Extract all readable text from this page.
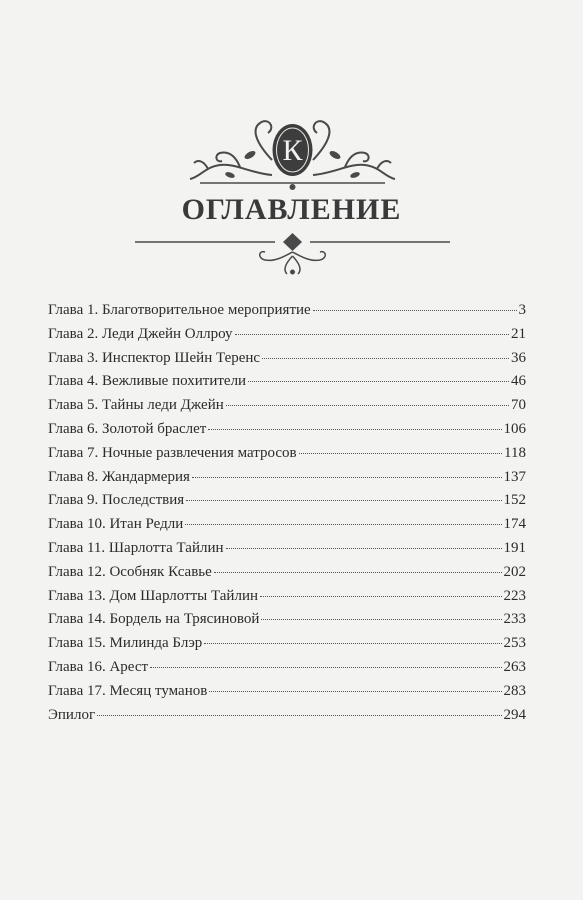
К
ОГЛАВЛЕНИЕ
Глава 1. Благотворительное мероприятие	3
Глава 2. Леди Джейн Оллроу	21
Глава 3. Инспектор Шейн Теренс	36
Глава 4. Вежливые похитители	46
Глава 5. Тайны леди Джейн	70
Глава 6. Золотой браслет	106
Глава 7. Ночные развлечения матросов	118
Глава 8. Жандармерия	137
Глава 9. Последствия	152
Глава 10. Итан Редли	174
Глава 11. Шарлотта Тайлин	191
Глава 12. Особняк Ксавье	202
Глава 13. Дом Шарлотты Тайлин	223
Глава 14. Бордель на Трясиновой	233
Глава 15. Милинда Блэр	253
Глава 16. Арест	263
Глава 17. Месяц туманов	283
Эпилог	294
